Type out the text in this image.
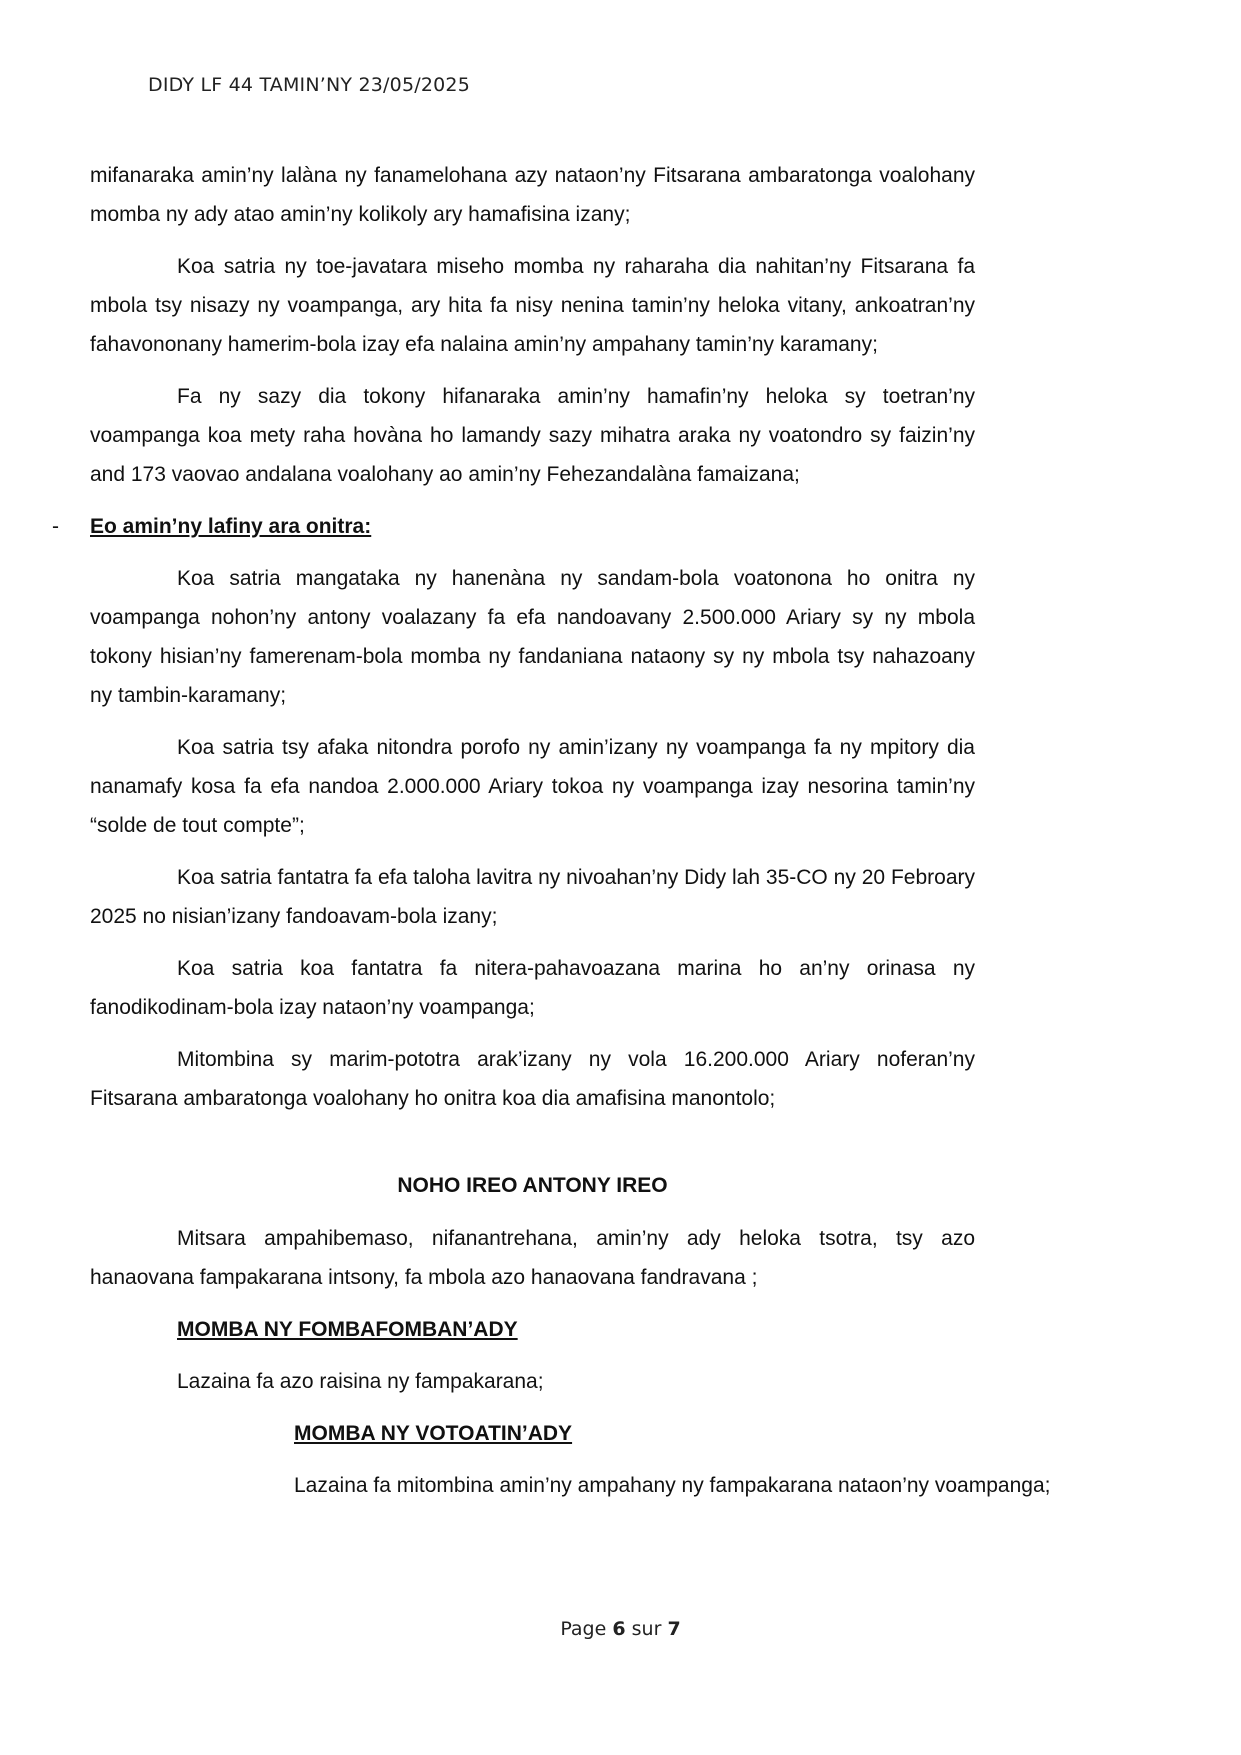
DIDY LF 44 TAMIN’NY 23/05/2025

mifanaraka amin’ny lalàna ny fanamelohana azy nataon’ny Fitsarana ambaratonga voalohany momba ny ady atao amin’ny kolikoly ary hamafisina izany;

Koa satria ny toe-javatara miseho momba ny raharaha dia nahitan’ny Fitsarana fa mbola tsy nisazy ny voampanga, ary hita fa nisy nenina tamin’ny heloka vitany, ankoatran’ny fahavononany hamerim-bola izay efa nalaina amin’ny ampahany tamin’ny karamany;

Fa ny sazy dia tokony hifanaraka amin’ny hamafin’ny heloka sy toetran’ny voampanga koa mety raha hovàna ho lamandy sazy mihatra araka ny voatondro sy faizin’ny and 173 vaovao andalana voalohany ao amin’ny Fehezandalàna famaizana;

- Eo amin’ny lafiny ara onitra:

Koa satria mangataka ny hanenàna ny sandam-bola voatonona ho onitra ny voampanga nohon’ny antony voalazany fa efa nandoavany 2.500.000 Ariary sy ny mbola tokony hisian’ny famerenam-bola momba ny fandaniana nataony sy ny mbola tsy nahazoany ny tambin-karamany;

Koa satria tsy afaka nitondra porofo ny amin’izany ny voampanga fa ny mpitory dia nanamafy kosa fa efa nandoa 2.000.000 Ariary tokoa ny voampanga izay nesorina tamin’ny “solde de tout compte”;

Koa satria fantatra fa efa taloha lavitra ny nivoahan’ny Didy lah 35-CO ny 20 Febroary 2025 no nisian’izany fandoavam-bola izany;

Koa satria koa fantatra fa nitera-pahavoazana marina ho an’ny orinasa ny fanodikodinam-bola izay nataon’ny voampanga;

Mitombina sy marim-pototra arak’izany ny vola 16.200.000 Ariary noferan’ny Fitsarana ambaratonga voalohany ho onitra koa dia amafisina manontolo;

NOHO IREO ANTONY IREO

Mitsara ampahibemaso, nifanantrehana, amin’ny ady heloka tsotra, tsy azo hanaovana fampakarana intsony, fa mbola azo hanaovana fandravana ;

MOMBA NY FOMBAFOMBAN’ADY
Lazaina fa azo raisina ny fampakarana;
MOMBA NY VOTOATIN’ADY
Lazaina fa mitombina amin’ny ampahany ny fampakarana nataon’ny voampanga;
Page 6 sur 7
